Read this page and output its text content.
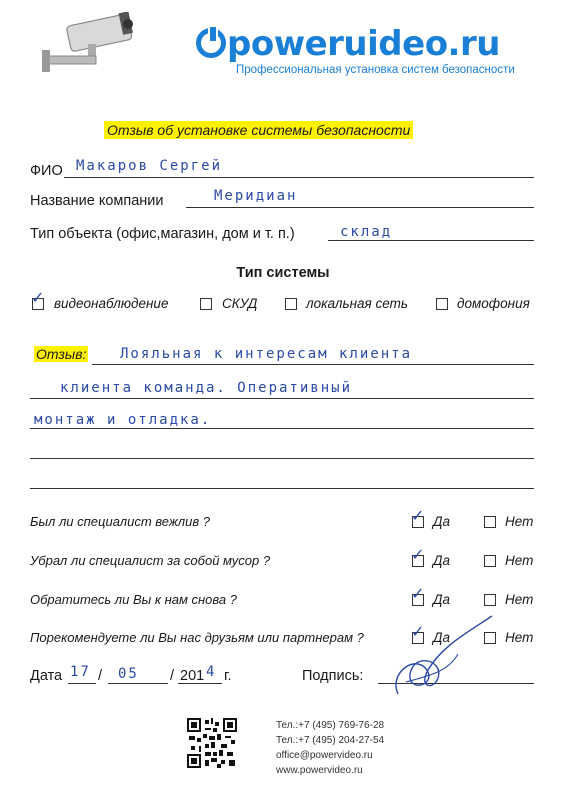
poweruideo.ru
Профессиональная установка систем безопасности
Отзыв об установке системы безопасности
ФИО Макаров Сергей
Название компании	Меридиан
Тип объекта (офис,магазин, дом и т. п.)	склад
Тип системы
✓ видеонаблюдение	СКУД	локальная сеть	домофония
Отзыв: Лояльная к интересам клиента
клиента команда. Оперативный
монтаж и отладка.
Был ли специалист вежлив ?	✓ Да	Нет
Убрал ли специалист за собой мусор ?	✓ Да	Нет
Обратитесь ли Вы к нам снова ?	✓ Да	Нет
Порекомендуете ли Вы нас друзьям или партнерам ?	✓ Да	Нет
Дата 17 / 05 / 201 4 г.	Подпись:
Тел.:+7 (495) 769-76-28
Тел.:+7 (495) 204-27-54
office@powervideo.ru
www.powervideo.ru
